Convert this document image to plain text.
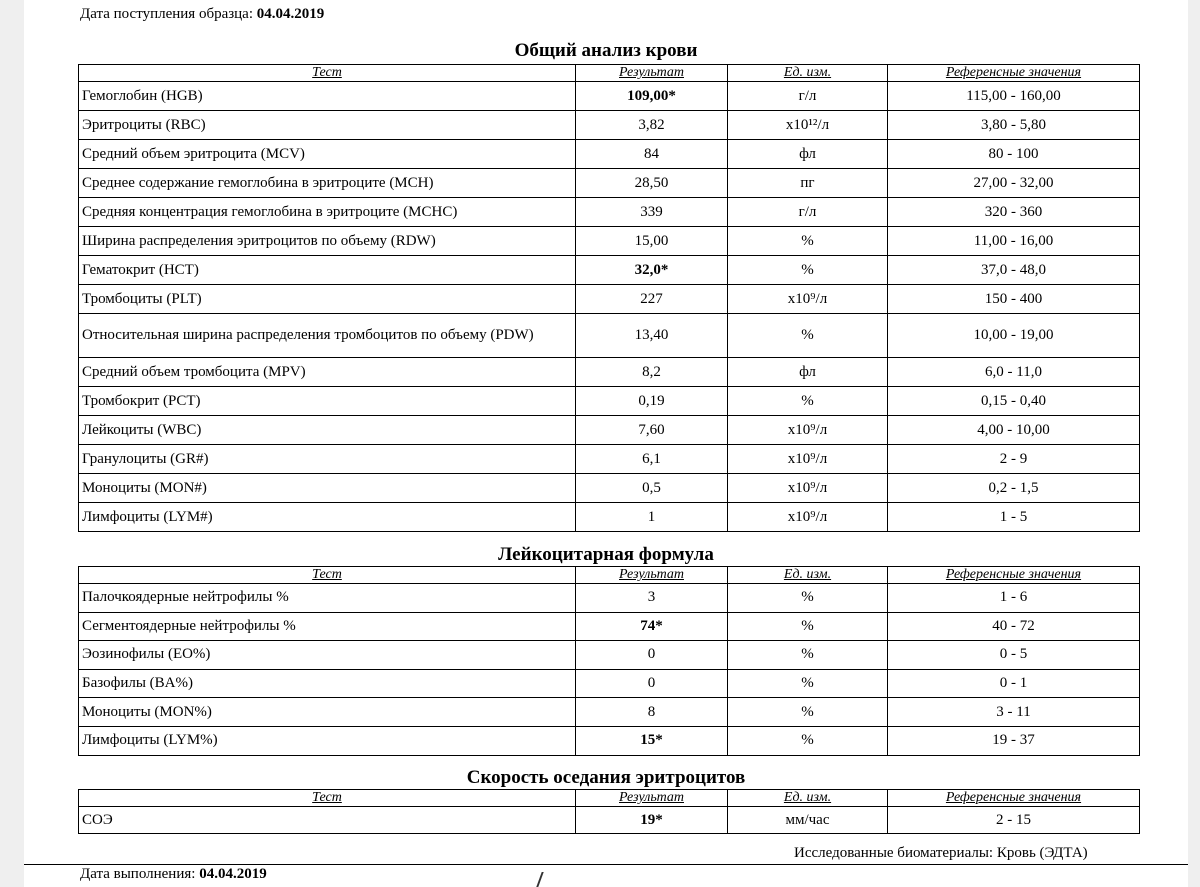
Дата поступления образца: 04.04.2019
Общий анализ крови
Тест	Результат	Ед. изм.	Референсные значения
Гемоглобин (HGB)	109,00*	г/л	115,00 - 160,00
Эритроциты (RBC)	3,82	x10¹²/л	3,80 - 5,80
Средний объем эритроцита (MCV)	84	фл	80 - 100
Среднее содержание гемоглобина в эритроците (MCH)	28,50	пг	27,00 - 32,00
Средняя концентрация гемоглобина в эритроците (MCHC)	339	г/л	320 - 360
Ширина распределения эритроцитов по объему (RDW)	15,00	%	11,00 - 16,00
Гематокрит (HCT)	32,0*	%	37,0 - 48,0
Тромбоциты (PLT)	227	x10⁹/л	150 - 400
Относительная ширина распределения тромбоцитов по объему (PDW)	13,40	%	10,00 - 19,00
Средний объем тромбоцита (MPV)	8,2	фл	6,0 - 11,0
Тромбокрит (PCT)	0,19	%	0,15 - 0,40
Лейкоциты (WBC)	7,60	x10⁹/л	4,00 - 10,00
Гранулоциты (GR#)	6,1	x10⁹/л	2 - 9
Моноциты (MON#)	0,5	x10⁹/л	0,2 - 1,5
Лимфоциты (LYM#)	1	x10⁹/л	1 - 5
Лейкоцитарная формула
Тест	Результат	Ед. изм.	Референсные значения
Палочкоядерные нейтрофилы %	3	%	1 - 6
Сегментоядерные нейтрофилы %	74*	%	40 - 72
Эозинофилы (EO%)	0	%	0 - 5
Базофилы (BA%)	0	%	0 - 1
Моноциты (MON%)	8	%	3 - 11
Лимфоциты (LYM%)	15*	%	19 - 37
Скорость оседания эритроцитов
Тест	Результат	Ед. изм.	Референсные значения
СОЭ	19*	мм/час	2 - 15
Исследованные биоматериалы: Кровь (ЭДТА)
Дата выполнения: 04.04.2019
